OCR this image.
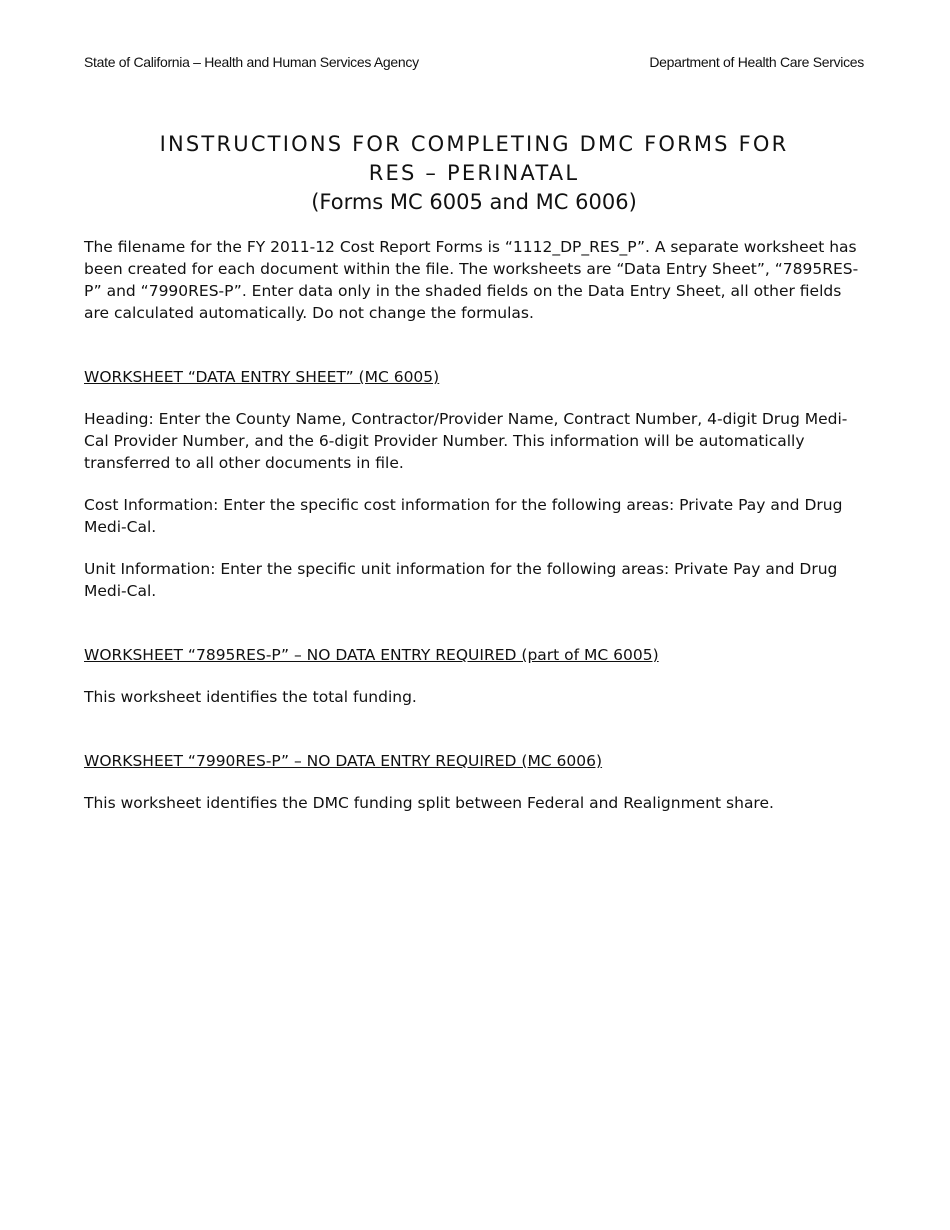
State of California – Health and Human Services Agency	Department of Health Care Services

INSTRUCTIONS FOR COMPLETING DMC FORMS FOR

RES – PERINATAL

(Forms MC 6005 and MC 6006)

The filename for the FY 2011-12 Cost Report Forms is “1112_DP_RES_P”. A separate worksheet has been created for each document within the file. The worksheets are “Data Entry Sheet”, “7895RES-P” and “7990RES-P”. Enter data only in the shaded fields on the Data Entry Sheet, all other fields are calculated automatically. Do not change the formulas.

WORKSHEET “DATA ENTRY SHEET” (MC 6005)

Heading: Enter the County Name, Contractor/Provider Name, Contract Number, 4-digit Drug Medi-Cal Provider Number, and the 6-digit Provider Number. This information will be automatically transferred to all other documents in file.

Cost Information: Enter the specific cost information for the following areas: Private Pay and Drug Medi-Cal.

Unit Information: Enter the specific unit information for the following areas: Private Pay and Drug Medi-Cal.

WORKSHEET “7895RES-P” – NO DATA ENTRY REQUIRED (part of MC 6005)

This worksheet identifies the total funding.

WORKSHEET “7990RES-P” – NO DATA ENTRY REQUIRED (MC 6006)

This worksheet identifies the DMC funding split between Federal and Realignment share.
